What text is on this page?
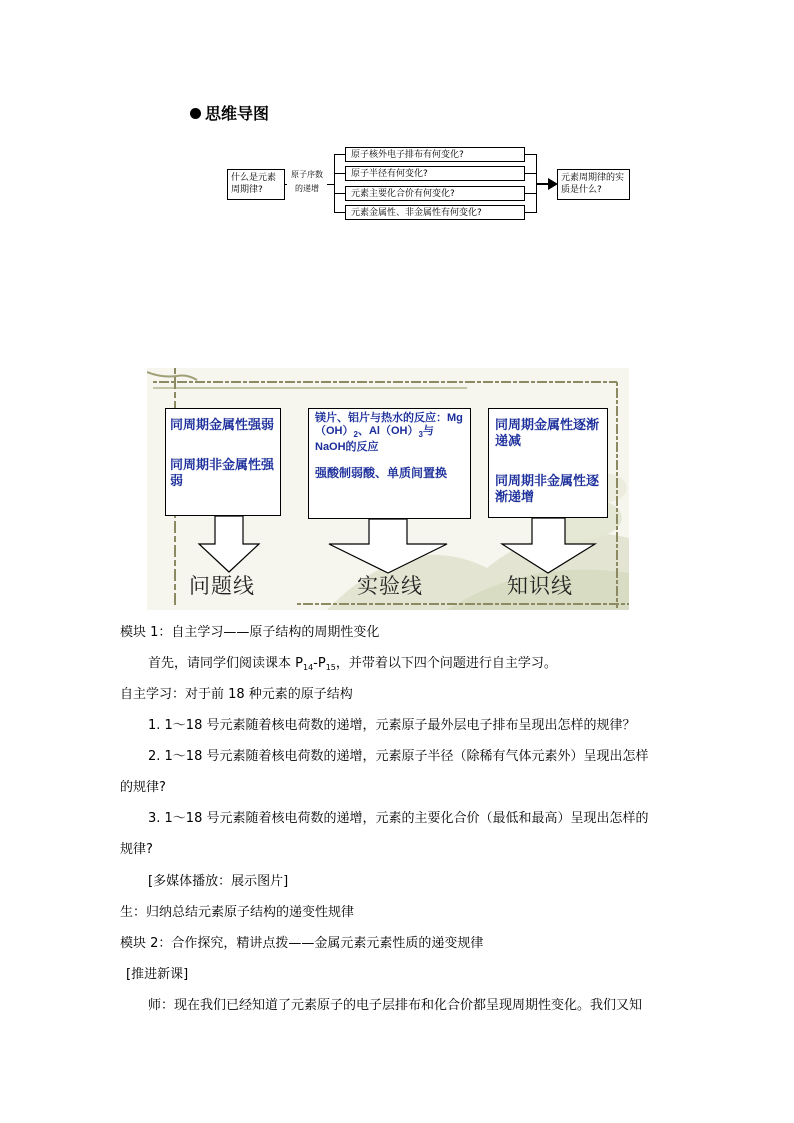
思维导图
什么是元素周期律?
原子序数
的递增
原子核外电子排布有何变化?
原子半径有何变化?
元素主要化合价有何变化?
元素金属性、非金属性有何变化?
元素周期律的实质是什么?

同周期金属性强弱

同周期非金属性强弱

镁片、铝片与热水的反应：$Mg(OH)_2$、$Al(OH)_3$与NaOH的反应

强酸制弱酸、单质间置换

同周期金属性逐渐递减

同周期非金属性逐渐递增

问题线	实验线	知识线
模块 1：自主学习——原子结构的周期性变化
首先，请同学们阅读课本 $P_{14}-P_{15}$，并带着以下四个问题进行自主学习。
自主学习：对于前 18 种元素的原子结构
1. 1～18 号元素随着核电荷数的递增，元素原子最外层电子排布呈现出怎样的规律？
2. 1～18 号元素随着核电荷数的递增，元素原子半径（除稀有气体元素外）呈现出怎样
的规律?
3. 1～18 号元素随着核电荷数的递增，元素的主要化合价（最低和最高）呈现出怎样的
规律?
[多媒体播放：展示图片]
生：归纳总结元素原子结构的递变性规律
模块 2：合作探究，精讲点拨——金属元素元素性质的递变规律
[推进新课]
师：现在我们已经知道了元素原子的电子层排布和化合价都呈现周期性变化。我们又知
